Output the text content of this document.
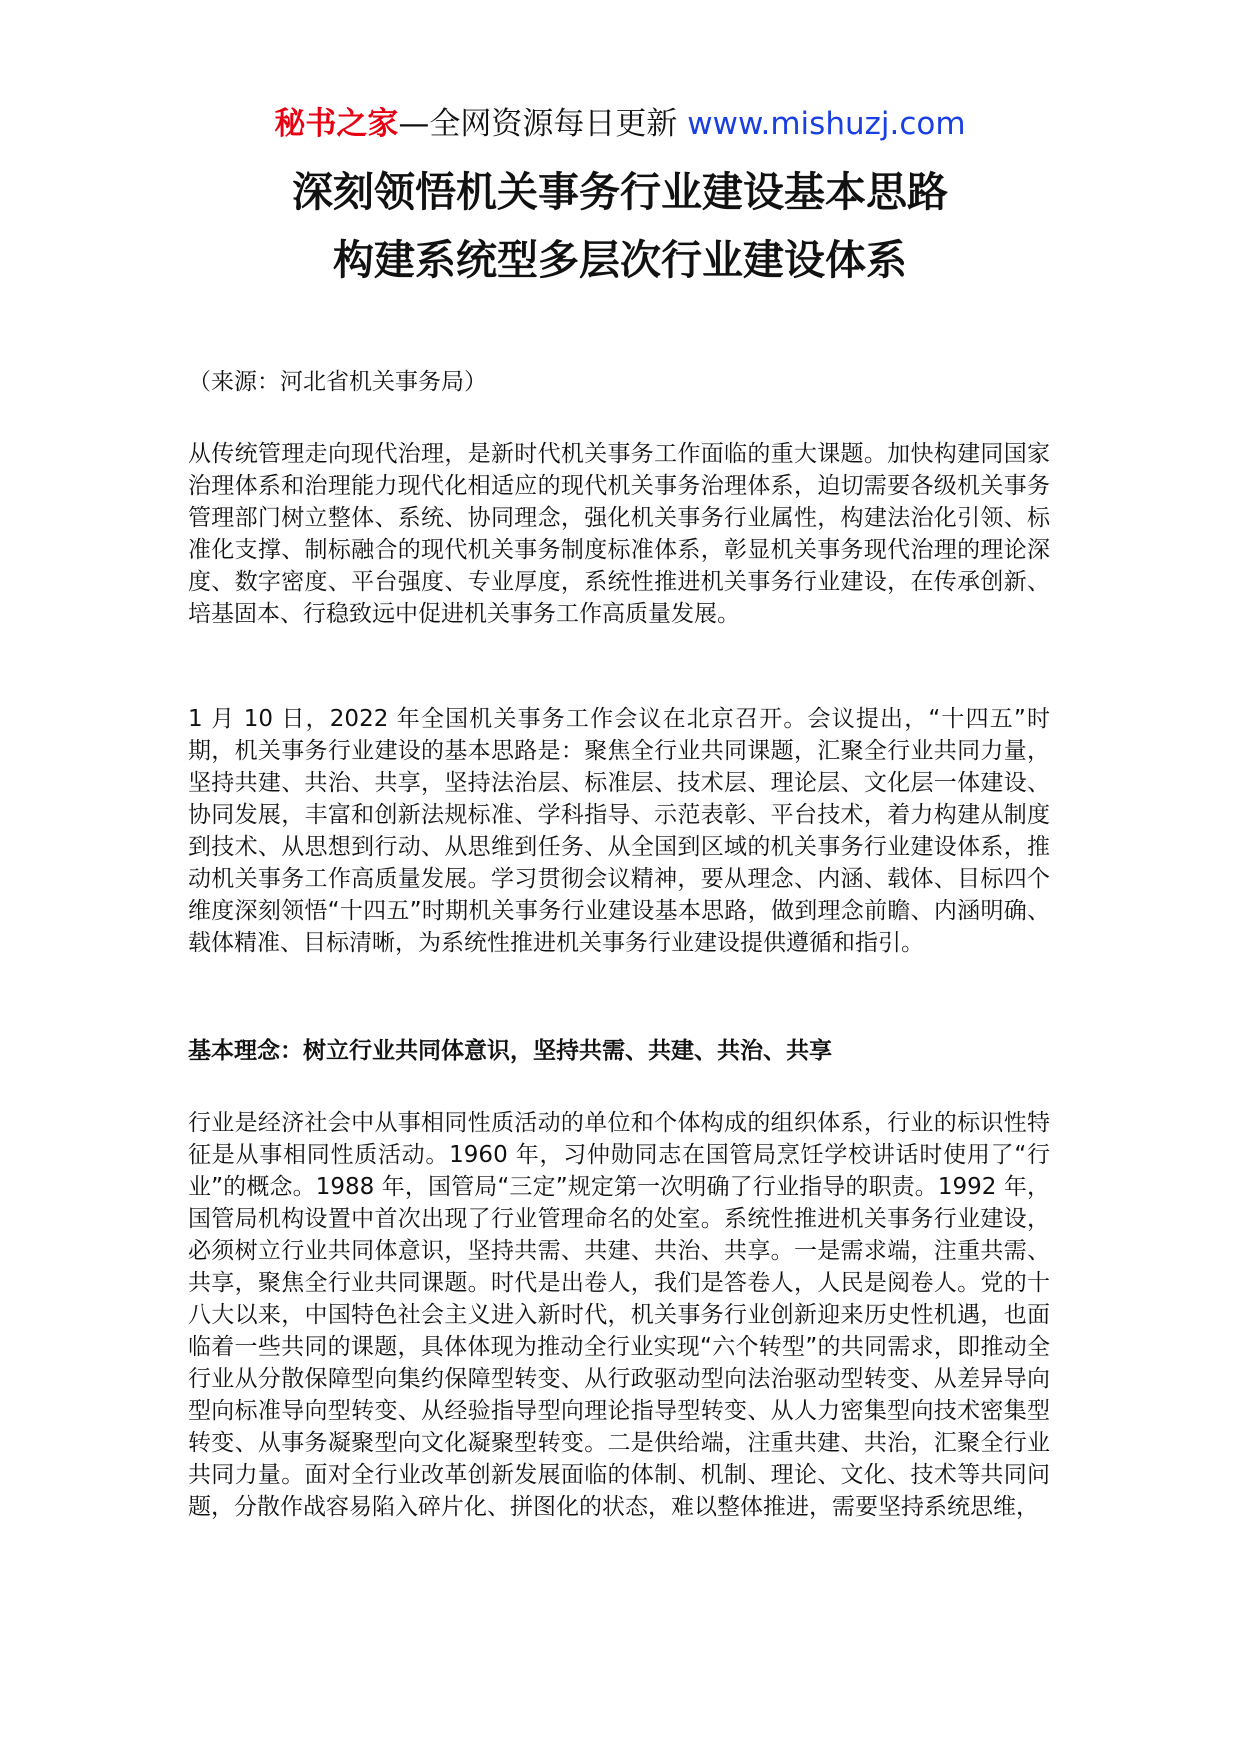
秘书之家—全网资源每日更新 www.mishuzj.com
深刻领悟机关事务行业建设基本思路
构建系统型多层次行业建设体系
（来源：河北省机关事务局）
从传统管理走向现代治理，是新时代机关事务工作面临的重大课题。加快构建同国家治理体系和治理能力现代化相适应的现代机关事务治理体系，迫切需要各级机关事务管理部门树立整体、系统、协同理念，强化机关事务行业属性，构建法治化引领、标准化支撑、制标融合的现代机关事务制度标准体系，彰显机关事务现代治理的理论深度、数字密度、平台强度、专业厚度，系统性推进机关事务行业建设，在传承创新、培基固本、行稳致远中促进机关事务工作高质量发展。
1 月 10 日，2022 年全国机关事务工作会议在北京召开。会议提出，“十四五”时期，机关事务行业建设的基本思路是：聚焦全行业共同课题，汇聚全行业共同力量，坚持共建、共治、共享，坚持法治层、标准层、技术层、理论层、文化层一体建设、协同发展，丰富和创新法规标准、学科指导、示范表彰、平台技术，着力构建从制度到技术、从思想到行动、从思维到任务、从全国到区域的机关事务行业建设体系，推动机关事务工作高质量发展。学习贯彻会议精神，要从理念、内涵、载体、目标四个维度深刻领悟“十四五”时期机关事务行业建设基本思路，做到理念前瞻、内涵明确、载体精准、目标清晰，为系统性推进机关事务行业建设提供遵循和指引。
基本理念：树立行业共同体意识，坚持共需、共建、共治、共享
行业是经济社会中从事相同性质活动的单位和个体构成的组织体系，行业的标识性特征是从事相同性质活动。1960 年，习仲勋同志在国管局烹饪学校讲话时使用了“行业”的概念。1988 年，国管局“三定”规定第一次明确了行业指导的职责。1992 年，国管局机构设置中首次出现了行业管理命名的处室。系统性推进机关事务行业建设，必须树立行业共同体意识，坚持共需、共建、共治、共享。一是需求端，注重共需、共享，聚焦全行业共同课题。时代是出卷人，我们是答卷人，人民是阅卷人。党的十八大以来，中国特色社会主义进入新时代，机关事务行业创新迎来历史性机遇，也面临着一些共同的课题，具体体现为推动全行业实现“六个转型”的共同需求，即推动全行业从分散保障型向集约保障型转变、从行政驱动型向法治驱动型转变、从差异导向型向标准导向型转变、从经验指导型向理论指导型转变、从人力密集型向技术密集型转变、从事务凝聚型向文化凝聚型转变。二是供给端，注重共建、共治，汇聚全行业共同力量。面对全行业改革创新发展面临的体制、机制、理论、文化、技术等共同问题，分散作战容易陷入碎片化、拼图化的状态，难以整体推进，需要坚持系统思维，
